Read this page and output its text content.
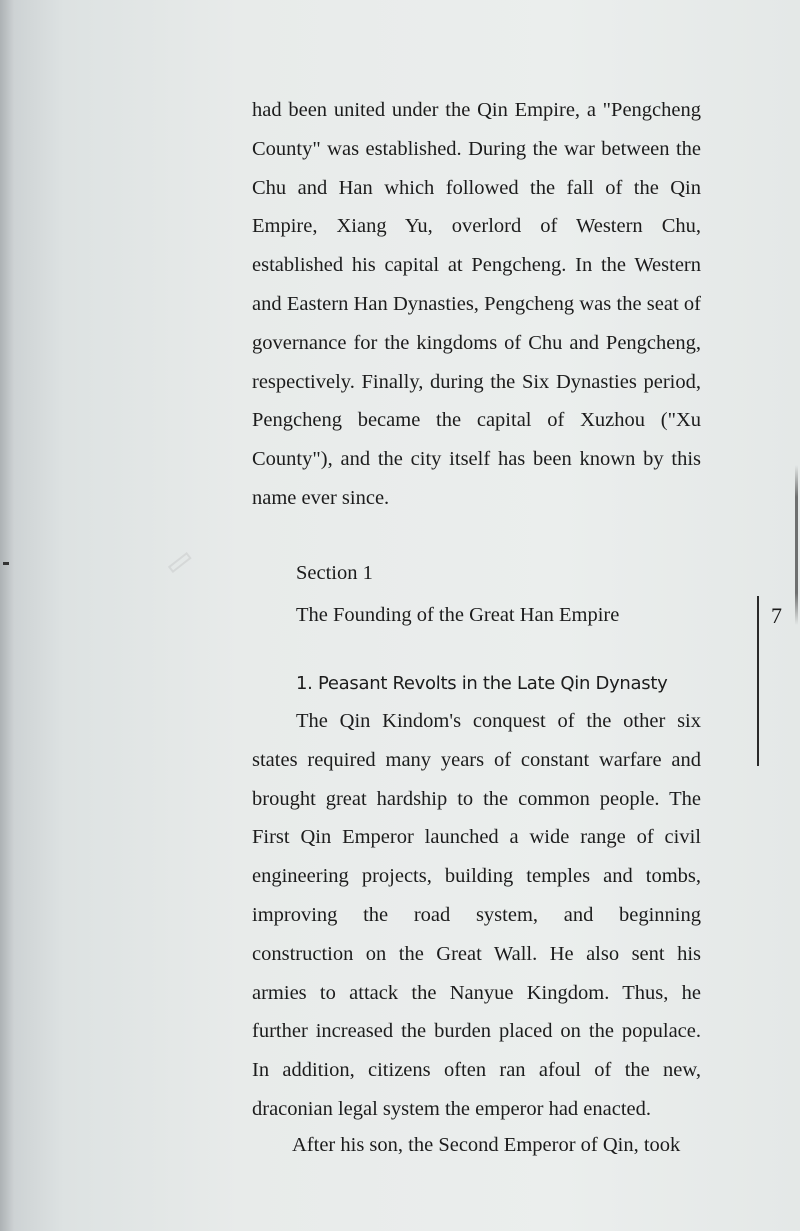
had been united under the Qin Empire, a "Pengcheng County" was established. During the war between the Chu and Han which followed the fall of the Qin Empire, Xiang Yu, overlord of Western Chu, established his capital at Pengcheng. In the Western and Eastern Han Dynasties, Pengcheng was the seat of governance for the kingdoms of Chu and Pengcheng, respectively. Finally, during the Six Dynasties period, Pengcheng became the capital of Xuzhou ("Xu County"), and the city itself has been known by this name ever since.

Section 1
The Founding of the Great Han Empire
1. Peasant Revolts in the Late Qin Dynasty

The Qin Kindom's conquest of the other six states required many years of constant warfare and brought great hardship to the common people. The First Qin Emperor launched a wide range of civil engineering projects, building temples and tombs, improving the road system, and beginning construction on the Great Wall. He also sent his armies to attack the Nanyue Kingdom. Thus, he further increased the burden placed on the populace. In addition, citizens often ran afoul of the new, draconian legal system the emperor had enacted.

After his son, the Second Emperor of Qin, took

7
